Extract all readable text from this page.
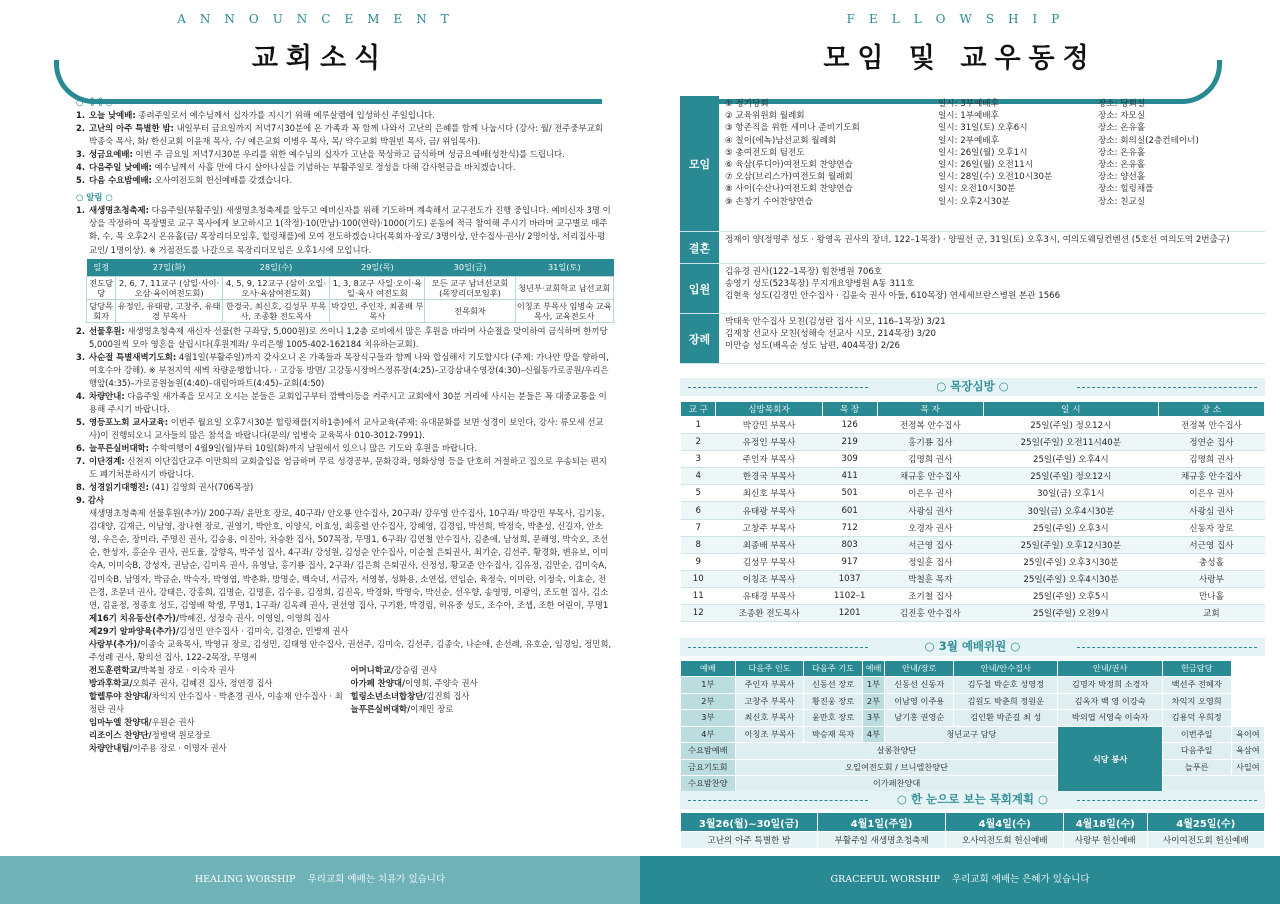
ANNOUNCEMENT
교회소식
○ 예배 ○
1. 오늘 낮예배: 종려주일로서 예수님께서 십자가를 지시기 위해 예루살렘에 입성하신 주일입니다.
2. 고난의 아주 특별한 밤: 내일부터 금요일까지 저녁7시30분에 온 가족과 꼭 함께 나와서 고난의 은혜를 함께 나눕시다 (강사: 월/ 전주중부교회 박종숙 목사, 화/ 한신교회 이윤재 목사, 수/ 예은교회 이병우 목사, 목/ 약수교회 박원빈 목사, 금/ 위임목사).
3. 성금요예배: 이번 주 금요일 저녁7시30분 우리를 위한 예수님의 십자가 고난을 묵상하고 금식하며 성금요예배(성찬식)를 드립니다.
4. 다음주일 낮예배: 예수님께서 사흘 만에 다시 살아나심을 기념하는 부활주일로 정성을 다해 감사헌금을 바치겠습니다.
5. 다음 수요밤예배: 오사여전도회 헌신예배를 갖겠습니다.
○ 알림 ○
1. 새생명초청축제: 다음주일(부활주일) 새생명초청축제를 앞두고 예비신자를 위해 기도하며 계속해서 교구전도가 진행 중입니다. 예비신자 3명 이상을 작정하여 목장별로 교구 목사에게 보고하시고 1(작정)·10(만남)·100(연락)·1000(기도) 운동에 적극 참여해 주시기 바라며 교구별로 매주 화, 수, 목 오후2시 온유홀(금/ 목장리더모임후, 힐링채플)에 모여 전도하겠습니다(목회자·장로/ 3명이상, 안수집사·권사/ 2명이상, 서리집사·평교인/ 1명이상). ※ 거점전도를 나갈으로 목장리더모임은 오후1시에 모입니다.
일정	27일(화)	28일(수)	29일(목)	30일(금)	31일(토)
전도담당	2, 6, 7, 11교구 (삼일·사이·오삼·육이여전도회)	4, 5, 9, 12교구 (삼이·오일·오사·육삼여전도회)	1, 3, 8교구 사일·오이·육일·육사 여전도회	모든 교구 남녀선교회 (목장리더모임후)	청년부·교회학교 남선교회
담당목회자	유정인, 유태광, 고창주, 유태경 부목사	한경국, 최신호, 김성무 부목사, 조종환 전도목사	박강민, 주인자, 최종배 부목사	전목회자	이칭조 부목사 임병숙 교육목사, 교육전도사
2. 선물후원: 새생명초청축제 새신자 선물(한 구좌당, 5,000원)로 쓰이니 1,2층 로비에서 많은 후원을 바라며 사순절을 맞이하여 금식하며 한끼당 5,000원씩 모아 영혼을 살립시다(후원계좌/ 우리은행 1005-402-162184 치유하는교회).
3. 사순절 특별새벽기도회: 4월1일(부활주일)까지 갖사오니 온 가족들과 목장식구들과 함께 나와 합심해서 기도합시다 (주제: 가나안 땅을 향하여, 여호수아 강해). ※ 부천지역 새벽 차량운행합니다. · 고강동 방면/ 고강동시장버스정류장(4:25)–고강삼내수영장(4:30)–신월동가로공원/우리은행앞(4:35)–가로공원놀원(4:40)–대림아파트(4:45)–교회(4:50)
4. 차량안내: 다음주일 새가족을 모시고 오시는 분들은 교회입구부터 깜빡이등을 켜주시고 교회에서 30분 거리에 사시는 분들은 꼭 대중교통을 이용해 주시기 바랍니다.
5. 영등포노회 교사교육: 이번주 월요일 오후7시30분 힐링채플(지하1층)에서 교사교육(주제: 유대문화를 보면 성경이 보인다, 강사: 류모세 선교사)이 진행되오니 교사들의 많은 참석을 바랍니다(문의/ 임병숙 교육목사 010-3012-7991).
6. 늘푸른실버대학: 수학여행이 4월9일(월)부터 10일(화)까지 남원에서 있으니 많은 기도와 후원을 바랍니다.
7. 이단경계: 신천지 이단집단교주 이만희의 교회출입을 엄금하며 무료 성경공부, 문화강좌, 영화상영 등을 단호히 거절하고 집으로 우송되는 편지도 폐기처분하시기 바랍니다.
8. 성경읽기대행진: (41) 김영희 권사(706목장)
9. 감사
새생명초청축제 선물후원(추가)/ 200구좌/ 윤만호 장로, 40구좌/ 안오룡 안수집사, 20구좌/ 강우영 안수집사, 10구좌/ 박강민 부목사, 김기동, 김대양, 김재근, 이남영, 장나현 장로, 권영기, 박안호, 이양식, 이효성, 최홍렬 안수집사, 강혜영, 김경임, 박선희, 박정숙, 박춘성, 신길자, 안소영, 우은순, 장미라, 주명진 권사, 김승용, 이진아, 차승환 집사, 507목장, 무명1, 6구좌/ 김연철 안수집사, 김춘애, 남성희, 문해영, 박숙오, 조선순, 한성자, 홍순우 권사, 권도율, 강향옥, 박주성 집사, 4구좌/ 강성원, 김성순 안수집사, 이순철 은퇴권사, 최기순, 김선주, 황경화, 변유보, 이미숙A, 이미숙B, 강성자, 권남순, 김미옥 권사, 유영남, 홍기룡 집사, 2구좌/ 김은희 은퇴권사, 신정성, 황교준 안수집사, 김유정, 김만순, 김미숙A, 김미숙B, 남명자, 박금순, 박숙자, 박영엽, 박춘화, 방명순, 백숙녀, 서금자, 서영봉, 성화용, 소연섭, 연임순, 육정숙, 이미란, 이정숙, 이효순, 전은경, 조문녀 권사, 강태은, 강홍희, 김명순, 김명훈, 김수용, 김정희, 김진옥, 박경화, 박명숙, 박신순, 선우향, 송영명, 이광익, 조도현 집사, 김소연, 김윤정, 정종호 성도, 김영배 학생, 무명1, 1구좌/ 김옥례 권사, 권선영 집사, 구기환, 박경림, 허유중 성도, 조수아, 조셉, 조한 어린이, 무명1
제16기 치유동산(추가)/박혜진, 성정숙 권사, 이영일, 이영희 집사
제29기 알파양육(추가)/김성민 안수집사 · 김미숙, 김정순, 민병재 권사
사랑부(추가)/이종숙 교육목사, 박영규 장로, 김성민, 김태영 안수집사, 권선주, 김미숙, 김선주, 김종숙, 나순애, 손선례, 유호순, 임경임, 정민희, 주성례 권사, 황의선 집사, 122–2목장, 무명씨
전도훈련학교/박복철 장로 · 이숙자 권사
방과후학교/오희주 권사, 김혜진 집사, 정연경 집사
할렐루야 찬양대/차익지 안수집사 · 박춘경 권사, 이송재 안수집사 · 최정란 권사
임마누엘 찬양대/우원순 권사
리조이스 찬양단/정병택 원로장로
차량안내팀/이주용 장로 · 이명자 권사
어머니학교/강승림 권사
아가페 찬양대/이영희, 주양숙 권사
힐링소년소녀합창단/김진희 집사
늘푸른실버대학/이재민 장로
HEALING WORSHIP 우리교회 예배는 치유가 있습니다
FELLOWSHIP
모임 및 교우동정
모임
① 정기당회	일시: 3부예배후	장소: 당회실
② 교육위원회 월례회	일시: 1부예배후	장소: 자모실
③ 항존직을 위한 세미나 준비기도회	일시: 31일(토) 오후6시	장소: 온유홀
④ 칠이(에녹)남선교회 월례회	일시: 2부예배후	장소: 회의실(2층컨테이너)
⑤ 총여전도회 팀전도	일시: 26일(월) 오후1시	장소: 온유홀
⑥ 육삼(루디아)여전도회 찬양연습	일시: 26일(월) 오전11시	장소: 온유홀
⑦ 오삼(브리스가)여전도회 월례회	일시: 28일(수) 오전10시30분	장소: 양선홀
⑧ 사이(수산나)여전도회 찬양연습	일시: 오전10시30분	장소: 힐링채플
⑨ 손창기 수어찬양연습	일시: 오후2시30분	장소: 친교실
결혼
정재이 양(정명주 성도 · 왕영옥 권사의 장녀, 122–1목장) · 양필선 군, 31일(토) 오후3시, 여의도웨딩컨벤션 (5호선 여의도역 2번출구)
입원
김유경 권사(122–1목장) 힘찬병원 706호
송영기 성도(523목장) 무지개요양병원 A동 311호
김현욱 성도(김경민 안수집사 · 김윤숙 권사 아들, 610목장) 연세세브란스병원 본관 1566
장례
박태욱 안수집사 모친(김성란 집사 시모, 116–1목장) 3/21
김재창 선교사 모친(성해숙 선교사 시모, 214목장) 3/20
이만승 성도(배옥순 성도 남편, 404목장) 2/26
○ 목장심방 ○
교 구	심방목회자	목 장	목 자	일 시	장 소
1	박강민 부목사	126	전정복 안수집사	25일(주일) 정오12시	전정복 안수집사
2	유정인 부목사	219	홍기룡 집사	25일(주일) 오전11시40분	정연순 집사
3	주인자 부목사	309	김명희 권사	25일(주일) 오후4시	김명희 권사
4	한경국 부목사	411	채규홍 안수집사	25일(주일) 정오12시	채규홍 안수집사
5	최신호 부목사	501	이은우 권사	30일(금) 오후1시	이은우 권사
6	유태광 부목사	601	사광심 권사	30일(금) 오후4시30분	사광심 권사
7	고창주 부목사	712	오경자 권사	25일(주일) 오후3시	신동자 장로
8	최종배 부목사	803	서근영 집사	25일(주일) 오후12시30분	서근영 집사
9	김성무 부목사	917	정일훈 집사	25일(주일) 오후3시30분	충성홀
10	이칭조 부목사	1037	박철훈 목자	25일(주일) 오후4시30분	사랑부
11	유태경 부목사	1102–1	조기철 집사	25일(주일) 오후5시	만나홀
12	조종환 전도목사	1201	김진홍 안수집사	25일(주일) 오전9시	교회
○ 3월 예배위원 ○
예배	다음주 인도	다음주 기도	예배	안내/장로	안내/안수집사	안내/권사	헌금담당	
1부	주인자 부목사	신동선 장로	1부	신동선 신동자	김두철 박순호 성영정	김명자 박정희 소경자	백선주 전혜자	
2부	고창주 부목사	황진웅 장로	2부	이남영 이주용	김원도 박춘희 정원운	김옥자 백 영 이강숙	차익지 오영희	
3부	최신호 부목사	윤만호 장로	3부	남기홍 권영순	김인환 박준길 최 성	박의엽 서영숙 이숙자	김용덕 우희정	
4부	이칭조 부목사	박승재 목자	4부	청년교구 담당		식당 봉사	이번주일	육이여
수요밤예배	살롬찬양단						다음주일	육삼여
금요기도회	오일여전도회 / 브니엘찬양단						늘푸른	사일여
수요밤찬양	이가페찬양대							
○ 한 눈으로 보는 목회계획 ○
3월26(월)~30일(금)	4월1일(주일)	4월4일(수)	4월18일(수)	4월25일(수)
고난의 아주 특별한 밤	부활주일 새생명초청축제	오사여전도회 헌신예배	사랑부 헌신예배	사이여전도회 헌신예배
GRACEFUL WORSHIP 우리교회 예배는 은혜가 있습니다
